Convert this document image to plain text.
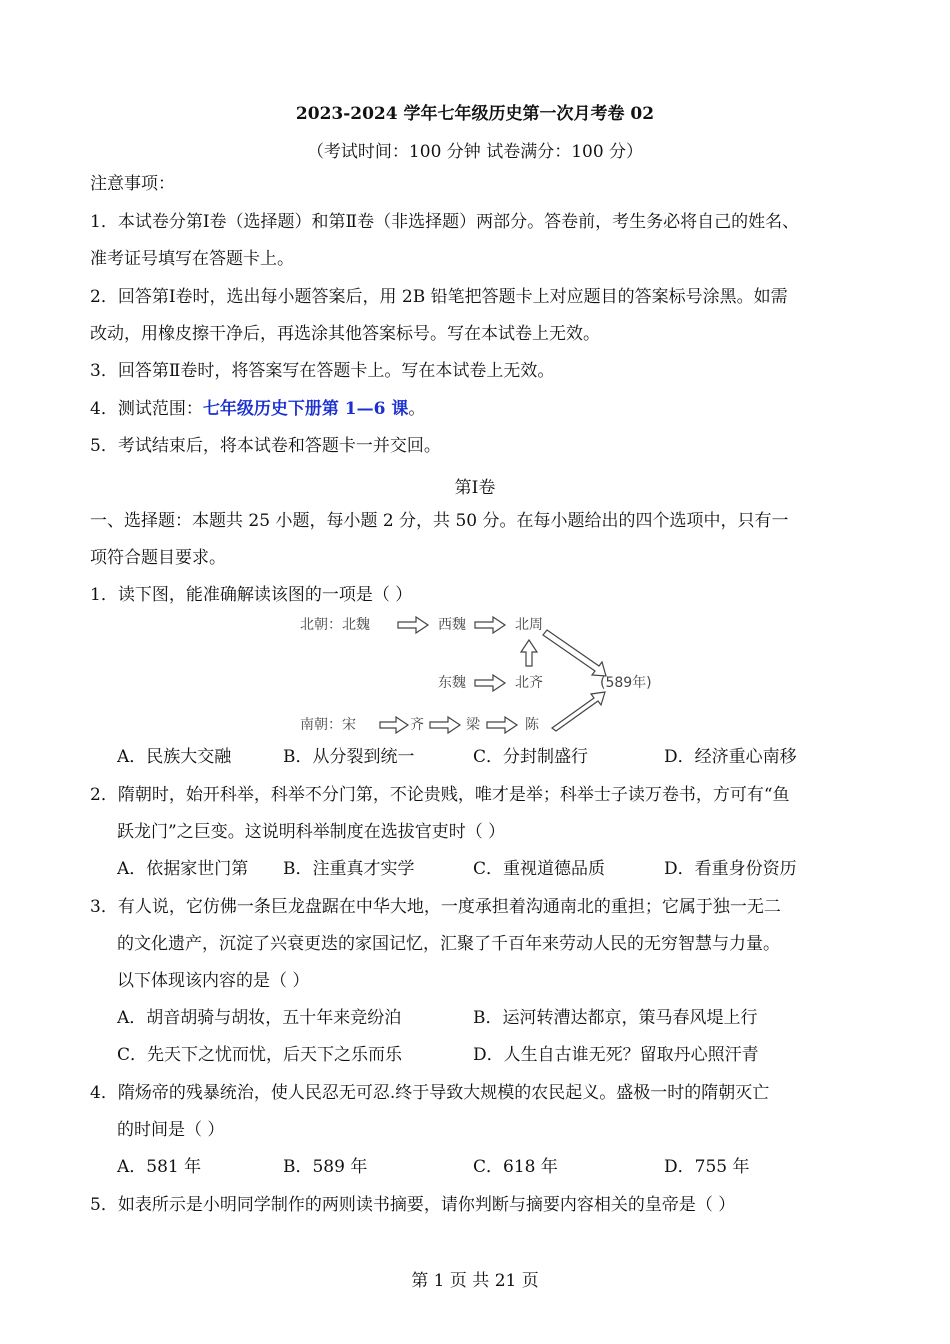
2023-2024 学年七年级历史第一次月考卷 02
（考试时间：100 分钟 试卷满分：100 分）
注意事项：
1．本试卷分第Ⅰ卷（选择题）和第Ⅱ卷（非选择题）两部分。答卷前，考生务必将自己的姓名、
准考证号填写在答题卡上。
2．回答第Ⅰ卷时，选出每小题答案后，用 2B 铅笔把答题卡上对应题目的答案标号涂黑。如需
改动，用橡皮擦干净后，再选涂其他答案标号。写在本试卷上无效。
3．回答第Ⅱ卷时，将答案写在答题卡上。写在本试卷上无效。
4．测试范围：七年级历史下册第 1—6 课。
5．考试结束后，将本试卷和答题卡一并交回。
第Ⅰ卷
一、选择题：本题共 25 小题，每小题 2 分，共 50 分。在每小题给出的四个选项中，只有一
项符合题目要求。
1．读下图，能准确解读该图的一项是（ ）
北朝：北魏	西魏	北周
东魏	北齐	(589年)
南朝：宋	齐	梁	陈
A．民族大交融	B．从分裂到统一	C．分封制盛行	D．经济重心南移
2．隋朝时，始开科举，科举不分门第，不论贵贱，唯才是举；科举士子读万卷书，方可有“鱼
跃龙门”之巨变。这说明科举制度在选拔官吏时（ ）
A．依据家世门第 B．注重真才实学	C．重视道德品质	D．看重身份资历
3．有人说，它仿佛一条巨龙盘踞在中华大地，一度承担着沟通南北的重担；它属于独一无二
的文化遗产，沉淀了兴衰更迭的家国记忆，汇聚了千百年来劳动人民的无穷智慧与力量。
以下体现该内容的是（ ）
A．胡音胡骑与胡妆，五十年来竞纷泊	B．运河转漕达都京，策马春风堤上行
C．先天下之忧而忧，后天下之乐而乐	D．人生自古谁无死？留取丹心照汗青
4．隋炀帝的残暴统治，使人民忍无可忍.终于导致大规模的农民起义。盛极一时的隋朝灭亡
的时间是（ ）
A．581 年	B．589 年	C．618 年	D．755 年
5．如表所示是小明同学制作的两则读书摘要，请你判断与摘要内容相关的皇帝是（ ）
第 1 页 共 21 页
